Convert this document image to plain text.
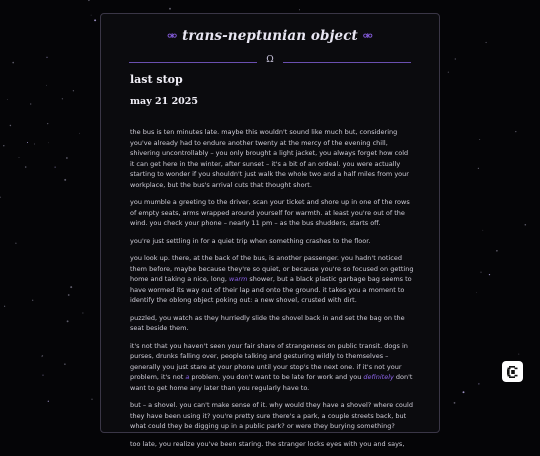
⚮ trans-neptunian object ⚮
Ω
last stop
may 21 2025

the bus is ten minutes late. maybe this wouldn't sound like much but, considering you've already had to endure another twenty at the mercy of the evening chill, shivering uncontrollably – you only brought a light jacket, you always forget how cold it can get here in the winter, after sunset – it's a bit of an ordeal. you were actually starting to wonder if you shouldn't just walk the whole two and a half miles from your workplace, but the bus's arrival cuts that thought short.

you mumble a greeting to the driver, scan your ticket and shore up in one of the rows of empty seats, arms wrapped around yourself for warmth. at least you're out of the wind. you check your phone – nearly 11 pm – as the bus shudders, starts off.

you're just settling in for a quiet trip when something crashes to the floor.

you look up. there, at the back of the bus, is another passenger. you hadn't noticed them before, maybe because they're so quiet, or because you're so focused on getting home and taking a nice, long, warm shower, but a black plastic garbage bag seems to have wormed its way out of their lap and onto the ground. it takes you a moment to identify the oblong object poking out: a new shovel, crusted with dirt.

puzzled, you watch as they hurriedly slide the shovel back in and set the bag on the seat beside them.

it's not that you haven't seen your fair share of strangeness on public transit. dogs in purses, drunks falling over, people talking and gesturing wildly to themselves – generally you just stare at your phone until your stop's the next one. if it's not your problem, it's not a problem. you don't want to be late for work and you definitely don't want to get home any later than you regularly have to.

but – a shovel. you can't make sense of it. why would they have a shovel? where could they have been using it? you're pretty sure there's a park, a couple streets back, but what could they be digging up in a public park? or were they burying something?

too late, you realize you've been staring. the stranger locks eyes with you and says,
